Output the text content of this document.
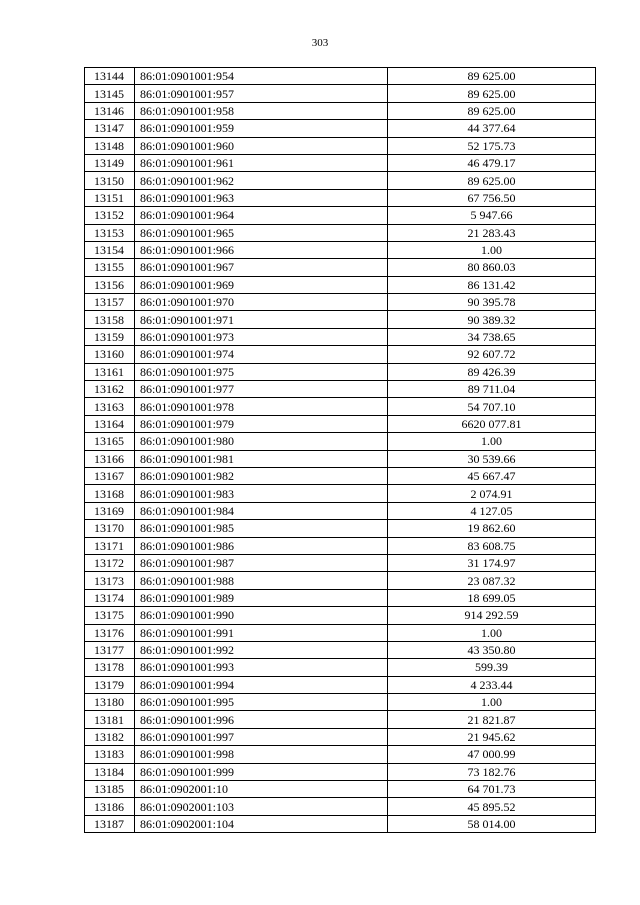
303
13144	86:01:0901001:954	89 625.00
13145	86:01:0901001:957	89 625.00
13146	86:01:0901001:958	89 625.00
13147	86:01:0901001:959	44 377.64
13148	86:01:0901001:960	52 175.73
13149	86:01:0901001:961	46 479.17
13150	86:01:0901001:962	89 625.00
13151	86:01:0901001:963	67 756.50
13152	86:01:0901001:964	5 947.66
13153	86:01:0901001:965	21 283.43
13154	86:01:0901001:966	1.00
13155	86:01:0901001:967	80 860.03
13156	86:01:0901001:969	86 131.42
13157	86:01:0901001:970	90 395.78
13158	86:01:0901001:971	90 389.32
13159	86:01:0901001:973	34 738.65
13160	86:01:0901001:974	92 607.72
13161	86:01:0901001:975	89 426.39
13162	86:01:0901001:977	89 711.04
13163	86:01:0901001:978	54 707.10
13164	86:01:0901001:979	6620 077.81
13165	86:01:0901001:980	1.00
13166	86:01:0901001:981	30 539.66
13167	86:01:0901001:982	45 667.47
13168	86:01:0901001:983	2 074.91
13169	86:01:0901001:984	4 127.05
13170	86:01:0901001:985	19 862.60
13171	86:01:0901001:986	83 608.75
13172	86:01:0901001:987	31 174.97
13173	86:01:0901001:988	23 087.32
13174	86:01:0901001:989	18 699.05
13175	86:01:0901001:990	914 292.59
13176	86:01:0901001:991	1.00
13177	86:01:0901001:992	43 350.80
13178	86:01:0901001:993	599.39
13179	86:01:0901001:994	4 233.44
13180	86:01:0901001:995	1.00
13181	86:01:0901001:996	21 821.87
13182	86:01:0901001:997	21 945.62
13183	86:01:0901001:998	47 000.99
13184	86:01:0901001:999	73 182.76
13185	86:01:0902001:10	64 701.73
13186	86:01:0902001:103	45 895.52
13187	86:01:0902001:104	58 014.00
